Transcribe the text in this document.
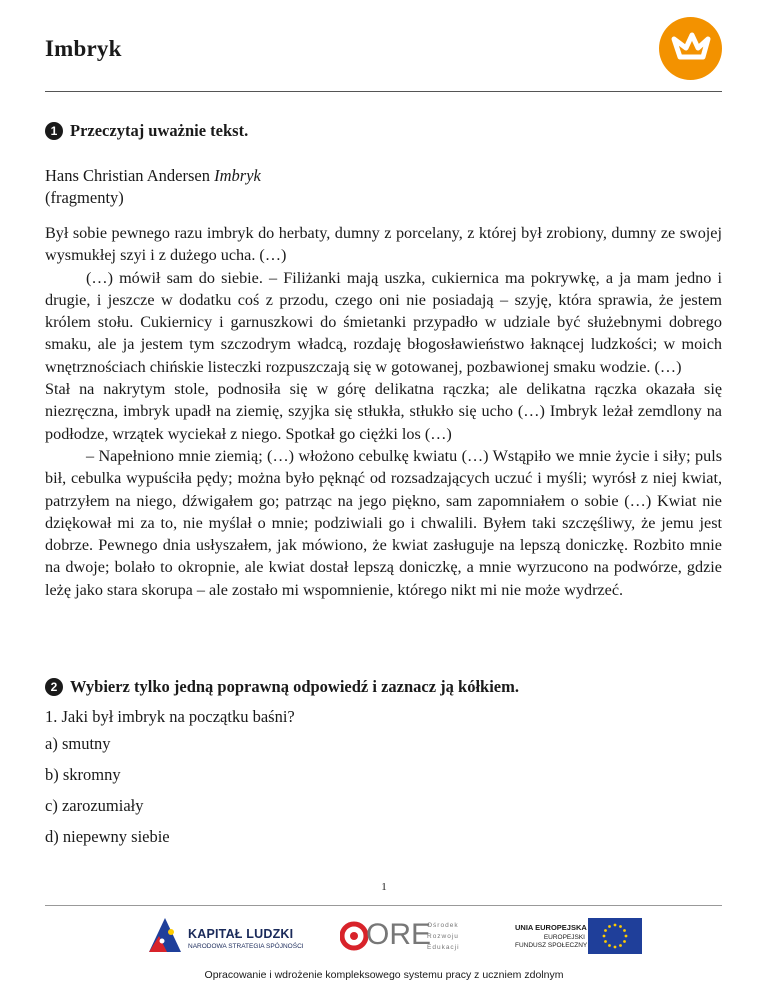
Imbryk
1 Przeczytaj uważnie tekst.
Hans Christian Andersen Imbryk
(fragmenty)

Był sobie pewnego razu imbryk do herbaty, dumny z porcelany, z której był zrobiony, dumny ze swojej wysmukłej szyi i z dużego ucha. (…)

(…) mówił sam do siebie. – Filiżanki mają uszka, cukiernica ma pokrywkę, a ja mam jedno i drugie, i jeszcze w dodatku coś z przodu, czego oni nie posiadają – szyję, która sprawia, że jestem królem stołu. Cukiernicy i garnuszkowi do śmietanki przypadło w udziale być służebnymi dobrego smaku, ale ja jestem tym szczodrym władcą, rozdaję błogosławieństwo łaknącej ludzkości; w moich wnętrznościach chińskie listeczki rozpuszczają się w gotowanej, pozbawionej smaku wodzie. (…)

Stał na nakrytym stole, podnosiła się w górę delikatna rączka; ale delikatna rączka okazała się niezręczna, imbryk upadł na ziemię, szyjka się stłukła, stłukło się ucho (…) Imbryk leżał zemdlony na podłodze, wrzątek wyciekał z niego. Spotkał go ciężki los (…)

– Napełniono mnie ziemią; (…) włożono cebulkę kwiatu (…) Wstąpiło we mnie życie i siły; puls bił, cebulka wypuściła pędy; można było pęknąć od rozsadzających uczuć i myśli; wyrósł z niej kwiat, patrzyłem na niego, dźwigałem go; patrząc na jego piękno, sam zapomniałem o sobie (…) Kwiat nie dziękował mi za to, nie myślał o mnie; podziwiali go i chwalili. Byłem taki szczęśliwy, że jemu jest dobrze. Pewnego dnia usłyszałem, jak mówiono, że kwiat zasługuje na lepszą doniczkę. Rozbito mnie na dwoje; bolało to okropnie, ale kwiat dostał lepszą doniczkę, a mnie wyrzucono na podwórze, gdzie leżę jako stara skorupa – ale zostało mi wspomnienie, którego nikt mi nie może wydrzeć.

2 Wybierz tylko jedną poprawną odpowiedź i zaznacz ją kółkiem.
1. Jaki był imbryk na początku baśni?
a) smutny
b) skromny
c) zarozumiały
d) niepewny siebie
1
KAPITAŁ LUDZKI
NARODOWA STRATEGIA SPÓJNOŚCI ORE
Ośrodek
Rozwoju
Edukacji
UNIA EUROPEJSKA
EUROPEJSKI
FUNDUSZ SPOŁECZNY
Opracowanie i wdrożenie kompleksowego systemu pracy z uczniem zdolnym
